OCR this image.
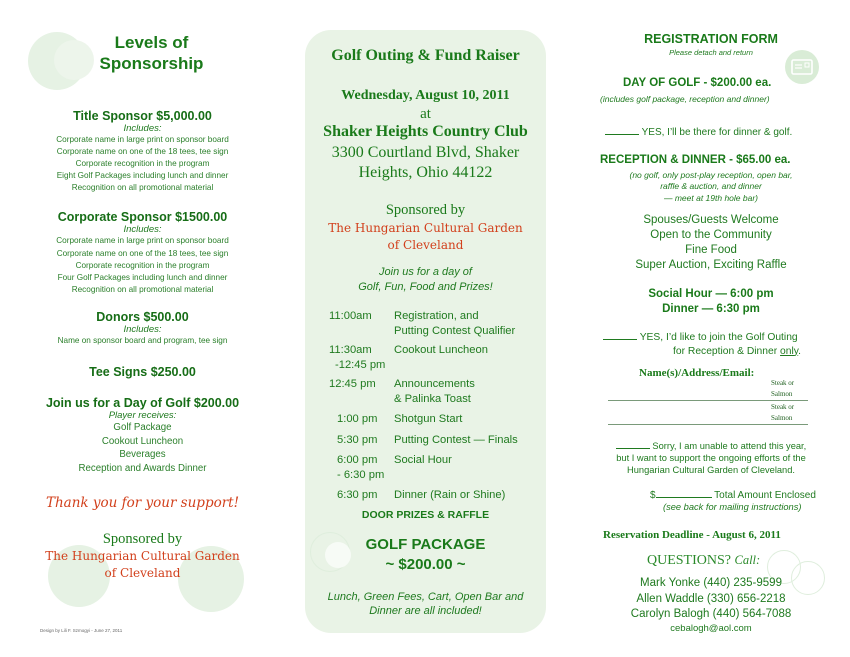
Levels of
Sponsorship
Title Sponsor $5,000.00
Includes:
Corporate name in large print on sponsor board
Corporate name on one of the 18 tees, tee sign
Corporate recognition in the program
Eight Golf Packages including lunch and dinner
Recognition on all promotional material
Corporate Sponsor $1500.00
Includes:
Corporate name in large print on sponsor board
Corporate name on one of the 18 tees, tee sign
Corporate recognition in the program
Four Golf Packages including lunch and dinner
Recognition on all promotional material
Donors $500.00
Includes:
Name on sponsor board and program, tee sign
Tee Signs $250.00
Join us for a Day of Golf $200.00
Player receives:
Golf Package
Cookout Luncheon
Beverages
Reception and Awards Dinner
Thank you for your support!
Sponsored by
The Hungarian Cultural Garden
of Cleveland
Design by Lili F. Szmogyi - June 27, 2011
Golf Outing & Fund Raiser
Wednesday, August 10, 2011
at
Shaker Heights Country Club
3300 Courtland Blvd, Shaker
Heights, Ohio 44122
Sponsored by
The Hungarian Cultural Garden
of Cleveland
Join us for a day of
Golf, Fun, Food and Prizes!
11:00am Registration, and
Putting Contest Qualifier
11:30am Cookout Luncheon
-12:45 pm
12:45 pm Announcements
& Palinka Toast
1:00 pm Shotgun Start
5:30 pm Putting Contest — Finals
6:00 pm Social Hour
- 6:30 pm
6:30 pm Dinner (Rain or Shine)
DOOR PRIZES & RAFFLE
GOLF PACKAGE
~ $200.00 ~
Lunch, Green Fees, Cart, Open Bar and
Dinner are all included!
REGISTRATION FORM
Please detach and return
DAY OF GOLF - $200.00 ea.
(includes golf package, reception and dinner)
YES, I’ll be there for dinner & golf.
RECEPTION & DINNER - $65.00 ea.
(no golf, only post-play reception, open bar,
raffle & auction, and dinner
— meet at 19th hole bar)
Spouses/Guests Welcome
Open to the Community
Fine Food
Super Auction, Exciting Raffle
Social Hour — 6:00 pm
Dinner — 6:30 pm
YES, I’d like to join the Golf Outing
for Reception & Dinner only.
Name(s)/Address/Email:
Steak or
Salmon
Steak or
Salmon
Sorry, I am unable to attend this year,
but I want to support the ongoing efforts of the
Hungarian Cultural Garden of Cleveland.
$	Total Amount Enclosed
(see back for mailing instructions)
Reservation Deadline - August 6, 2011
QUESTIONS? Call:
Mark Yonke (440) 235-9599
Allen Waddle (330) 656-2218
Carolyn Balogh (440) 564-7088
cebalogh@aol.com
